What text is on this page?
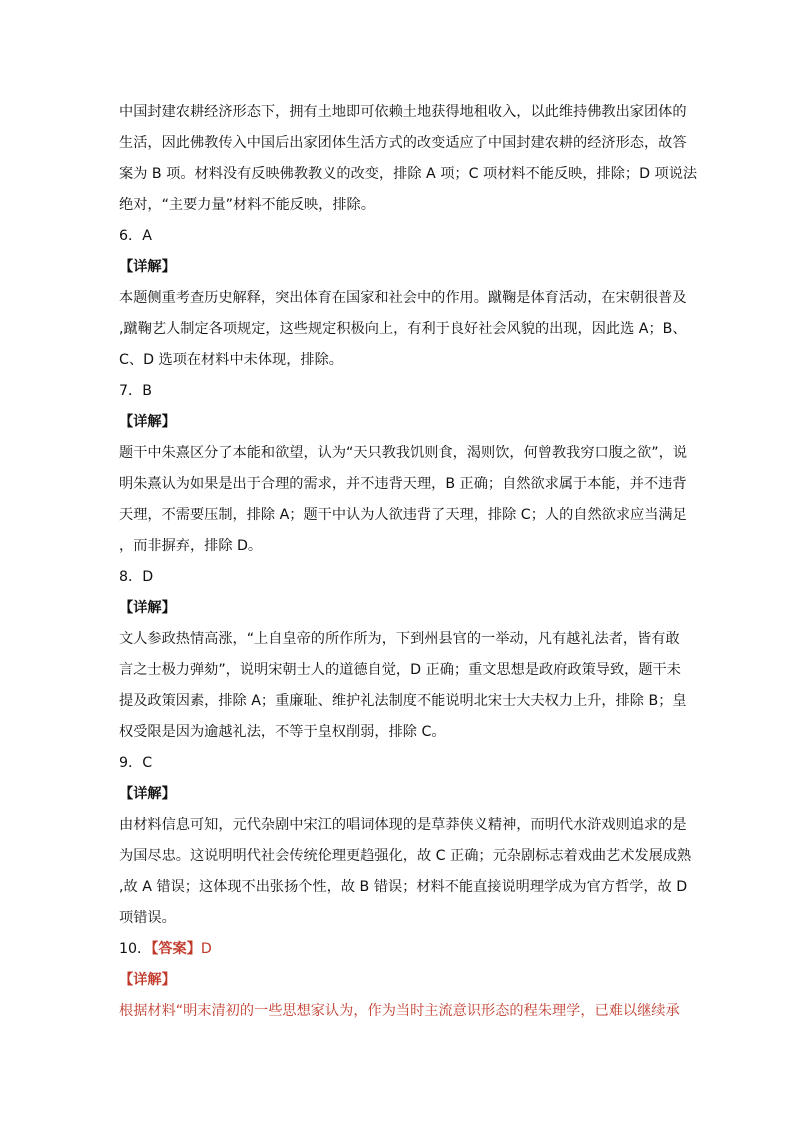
中国封建农耕经济形态下，拥有土地即可依赖土地获得地租收入，以此维持佛教出家团体的
生活，因此佛教传入中国后出家团体生活方式的改变适应了中国封建农耕的经济形态，故答
案为 B 项。材料没有反映佛教教义的改变，排除 A 项；C 项材料不能反映，排除；D 项说法
绝对，“主要力量”材料不能反映，排除。
6．A
【详解】
本题侧重考查历史解释，突出体育在国家和社会中的作用。蹴鞠是体育活动，在宋朝很普及
,蹴鞠艺人制定各项规定，这些规定积极向上，有利于良好社会风貌的出现，因此选 A；B、
C、D 选项在材料中未体现，排除。
7．B
【详解】
题干中朱熹区分了本能和欲望，认为“天只教我饥则食，渴则饮，何曾教我穷口腹之欲”，说
明朱熹认为如果是出于合理的需求，并不违背天理，B 正确；自然欲求属于本能，并不违背
天理，不需要压制，排除 A；题干中认为人欲违背了天理，排除 C；人的自然欲求应当满足
，而非摒弃，排除 D。
8．D
【详解】
文人参政热情高涨，“上自皇帝的所作所为，下到州县官的一举动，凡有越礼法者，皆有敢
言之士极力弹劾”，说明宋朝士人的道德自觉，D 正确；重文思想是政府政策导致，题干未
提及政策因素，排除 A；重廉耻、维护礼法制度不能说明北宋士大夫权力上升，排除 B；皇
权受限是因为逾越礼法，不等于皇权削弱，排除 C。
9．C
【详解】
由材料信息可知，元代杂剧中宋江的唱词体现的是草莽侠义精神，而明代水浒戏则追求的是
为国尽忠。这说明明代社会传统伦理更趋强化，故 C 正确；元杂剧标志着戏曲艺术发展成熟
,故 A 错误；这体现不出张扬个性，故 B 错误；材料不能直接说明理学成为官方哲学，故 D
项错误。
10．【答案】D
【详解】
根据材料“明末清初的一些思想家认为，作为当时主流意识形态的程朱理学，已难以继续承
